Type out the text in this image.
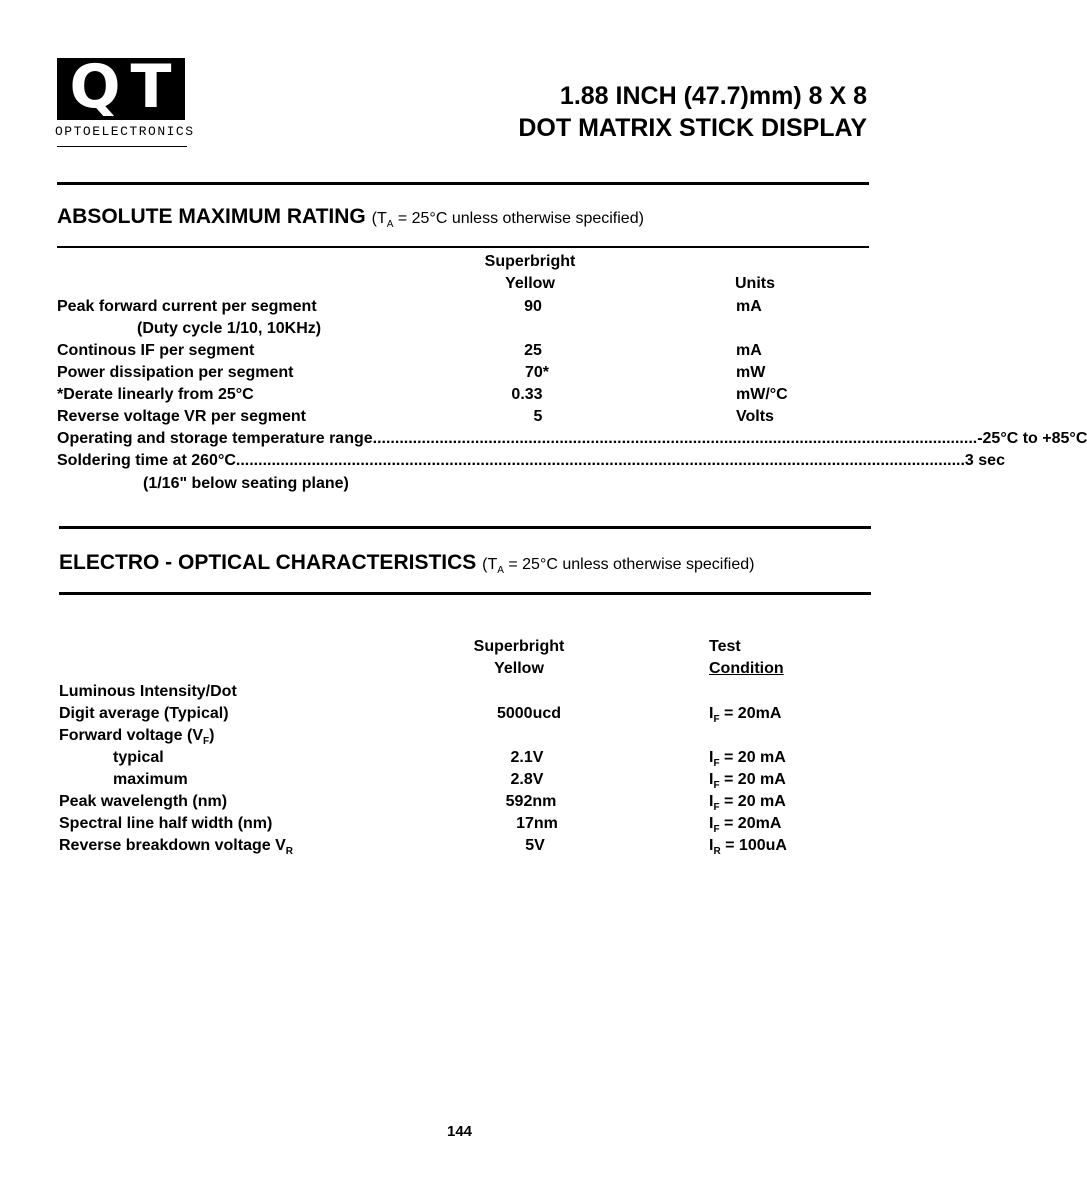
Q T
OPTOELECTRONICS
1.88 INCH (47.7)mm) 8 X 8
DOT MATRIX STICK DISPLAY
ABSOLUTE MAXIMUM RATING ($T_A = 25^\circ C$ unless otherwise specified)
Superbright
Yellow	Units
Peak forward current per segment	90	mA
(Duty cycle 1/10, 10KHz)
Continous IF per segment	25	mA
Power dissipation per segment	70*	mW
*Derate linearly from 25°C	0.33	mW/°C
Reverse voltage VR per segment	5	Volts
Operating and storage temperature range ........................................................................................................................................ -25°C to +85°C
Soldering time at 260°C .................................................................................................................................................................... 3 sec
(1/16" below seating plane)
ELECTRO - OPTICAL CHARACTERISTICS ($T_A = 25^\circ C$ unless otherwise specified)
Superbright
Yellow
Test
Condition
Luminous Intensity/Dot
Digit average (Typical)	5000ucd	$I_F = 20mA$
Forward voltage $(V_F)$
typical	2.1V	$I_F = 20$ mA
maximum	2.8V	$I_F = 20$ mA
Peak wavelength (nm)	592nm	$I_F = 20$ mA
Spectral line half width (nm)	17nm	$I_F = 20mA$
Reverse breakdown voltage $V_R$	5V	$I_R = 100uA$
144
